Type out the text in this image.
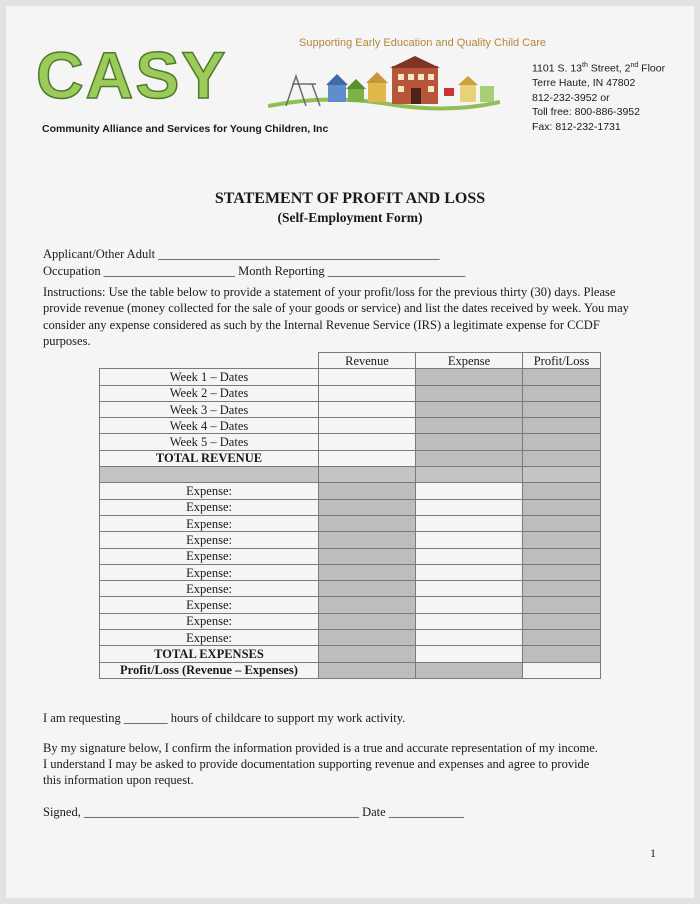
Supporting Early Education and Quality Child Care
CASY
Community Alliance and Services for Young Children, Inc
1101 S. 13th Street, 2nd Floor
Terre Haute, IN 47802
812-232-3952 or
Toll free: 800-886-3952
Fax: 812-232-1731
STATEMENT OF PROFIT AND LOSS
(Self-Employment Form)
Applicant/Other Adult _____________________________________________
Occupation _____________________ Month Reporting ______________________
Instructions: Use the table below to provide a statement of your profit/loss for the previous thirty (30) days. Please provide revenue (money collected for the sale of your goods or service) and list the dates received by week. You may consider any expense considered as such by the Internal Revenue Service (IRS) a legitimate expense for CCDF purposes.
	Revenue	Expense	Profit/Loss
Week 1 – Dates			
Week 2 – Dates			
Week 3 – Dates			
Week 4 – Dates			
Week 5 – Dates			
TOTAL REVENUE			

Expense:			
Expense:			
Expense:			
Expense:			
Expense:			
Expense:			
Expense:			
Expense:			
Expense:			
Expense:			
TOTAL EXPENSES			
Profit/Loss (Revenue – Expenses)			
I am requesting _______ hours of childcare to support my work activity.
By my signature below, I confirm the information provided is a true and accurate representation of my income.
I understand I may be asked to provide documentation supporting revenue and expenses and agree to provide
this information upon request.
Signed, ____________________________________________ Date ____________
1
